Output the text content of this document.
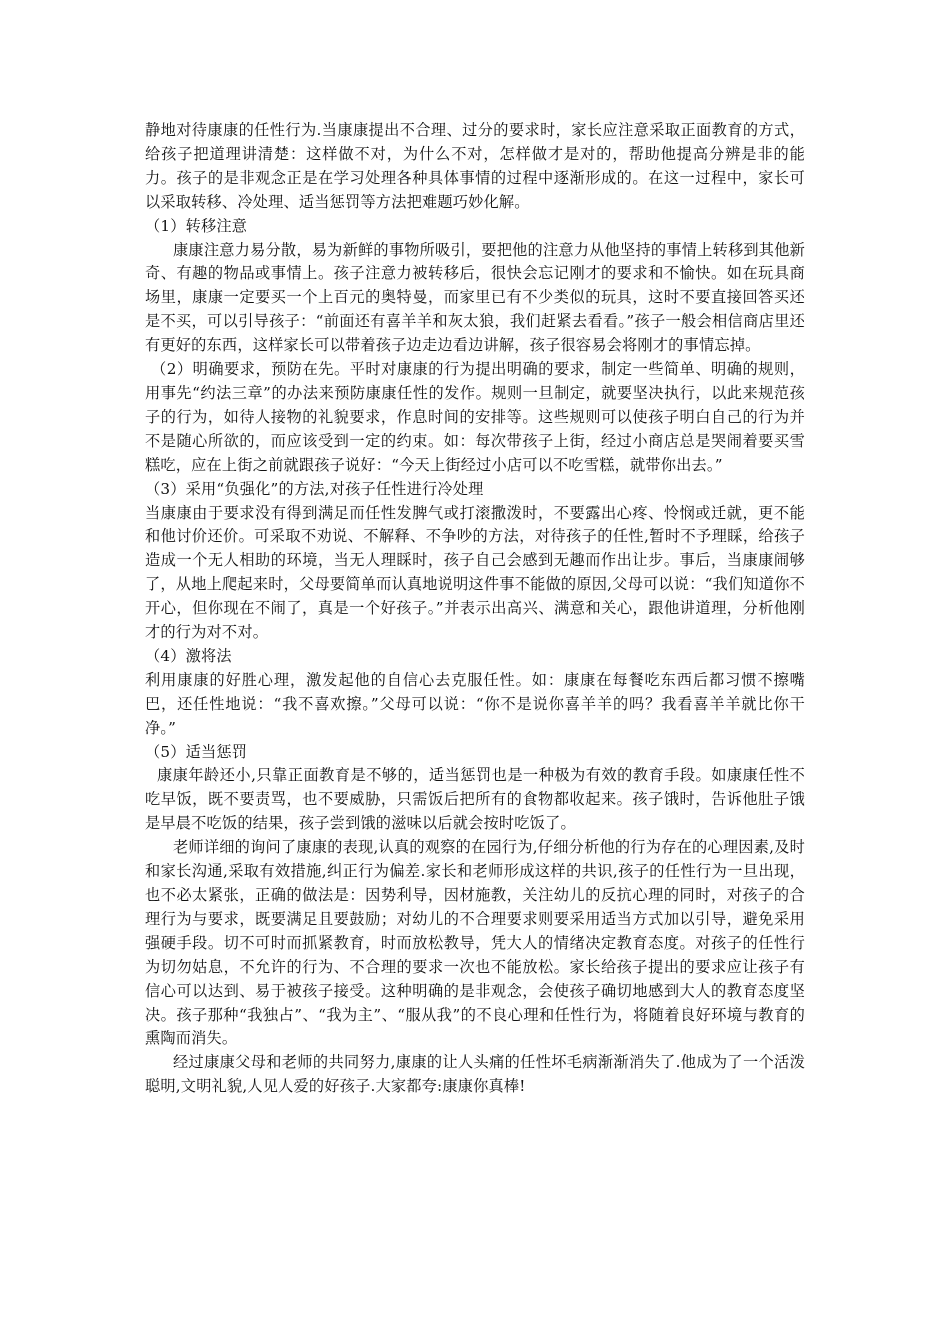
静地对待康康的任性行为.当康康提出不合理、过分的要求时，家长应注意采取正面教育的方式，给孩子把道理讲清楚：这样做不对，为什么不对，怎样做才是对的，帮助他提高分辨是非的能力。孩子的是非观念正是在学习处理各种具体事情的过程中逐渐形成的。在这一过程中，家长可以采取转移、冷处理、适当惩罚等方法把难题巧妙化解。

（1）转移注意

康康注意力易分散，易为新鲜的事物所吸引，要把他的注意力从他坚持的事情上转移到其他新奇、有趣的物品或事情上。孩子注意力被转移后，很快会忘记刚才的要求和不愉快。如在玩具商场里，康康一定要买一个上百元的奥特曼，而家里已有不少类似的玩具，这时不要直接回答买还是不买，可以引导孩子：“前面还有喜羊羊和灰太狼，我们赶紧去看看。”孩子一般会相信商店里还有更好的东西，这样家长可以带着孩子边走边看边讲解，孩子很容易会将刚才的事情忘掉。

（2）明确要求，预防在先。平时对康康的行为提出明确的要求，制定一些简单、明确的规则，用事先“约法三章”的办法来预防康康任性的发作。规则一旦制定，就要坚决执行，以此来规范孩子的行为，如待人接物的礼貌要求，作息时间的安排等。这些规则可以使孩子明白自己的行为并不是随心所欲的，而应该受到一定的约束。如：每次带孩子上街，经过小商店总是哭闹着要买雪糕吃，应在上街之前就跟孩子说好：“今天上街经过小店可以不吃雪糕，就带你出去。”

（3）采用“负强化”的方法,对孩子任性进行冷处理

当康康由于要求没有得到满足而任性发脾气或打滚撒泼时，不要露出心疼、怜悯或迁就，更不能和他讨价还价。可采取不劝说、不解释、不争吵的方法，对待孩子的任性,暂时不予理睬，给孩子造成一个无人相助的环境，当无人理睬时，孩子自己会感到无趣而作出让步。事后，当康康闹够了，从地上爬起来时，父母要简单而认真地说明这件事不能做的原因,父母可以说：“我们知道你不开心，但你现在不闹了，真是一个好孩子。”并表示出高兴、满意和关心，跟他讲道理，分析他刚才的行为对不对。

（4）激将法

利用康康的好胜心理，激发起他的自信心去克服任性。如：康康在每餐吃东西后都习惯不擦嘴巴，还任性地说：“我不喜欢擦。”父母可以说：“你不是说你喜羊羊的吗？我看喜羊羊就比你干净。”

（5）适当惩罚

康康年龄还小,只靠正面教育是不够的，适当惩罚也是一种极为有效的教育手段。如康康任性不吃早饭，既不要责骂，也不要威胁，只需饭后把所有的食物都收起来。孩子饿时，告诉他肚子饿是早晨不吃饭的结果，孩子尝到饿的滋味以后就会按时吃饭了。

老师详细的询问了康康的表现,认真的观察的在园行为,仔细分析他的行为存在的心理因素,及时和家长沟通,采取有效措施,纠正行为偏差.家长和老师形成这样的共识,孩子的任性行为一旦出现，也不必太紧张，正确的做法是：因势利导，因材施教，关注幼儿的反抗心理的同时，对孩子的合理行为与要求，既要满足且要鼓励；对幼儿的不合理要求则要采用适当方式加以引导，避免采用强硬手段。切不可时而抓紧教育，时而放松教导，凭大人的情绪决定教育态度。对孩子的任性行为切勿姑息，不允许的行为、不合理的要求一次也不能放松。家长给孩子提出的要求应让孩子有信心可以达到、易于被孩子接受。这种明确的是非观念，会使孩子确切地感到大人的教育态度坚决。孩子那种“我独占”、“我为主”、“服从我”的不良心理和任性行为，将随着良好环境与教育的熏陶而消失。

经过康康父母和老师的共同努力,康康的让人头痛的任性坏毛病渐渐消失了.他成为了一个活泼聪明,文明礼貌,人见人爱的好孩子.大家都夸:康康你真棒!
